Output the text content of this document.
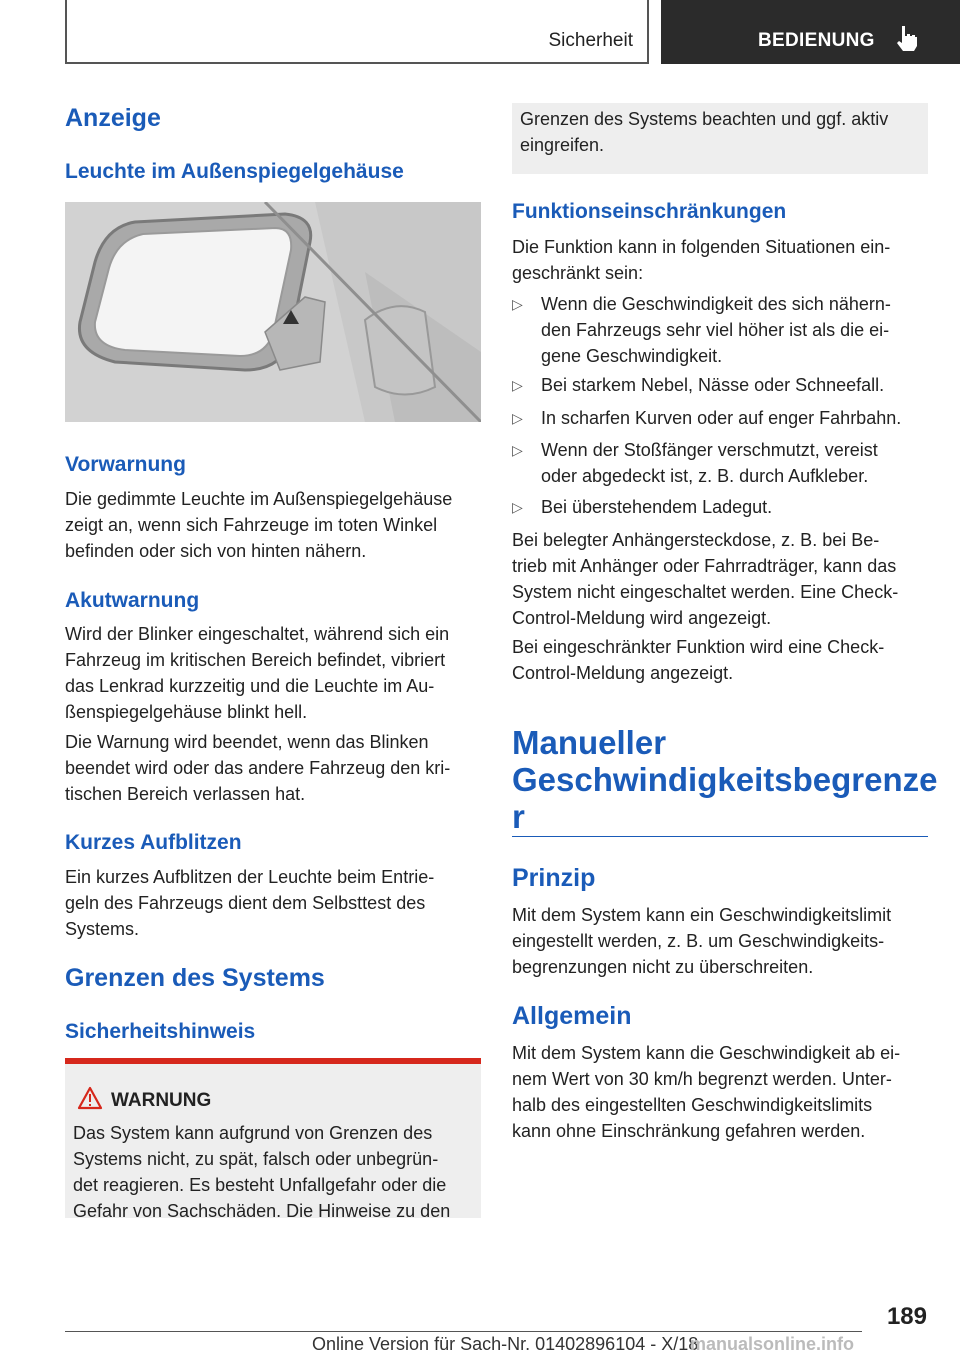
Sicherheit	BEDIENUNG
Anzeige
Leuchte im Außenspiegelgehäuse
Vorwarnung
Die gedimmte Leuchte im Außenspiegelgehäuse
zeigt an, wenn sich Fahrzeuge im toten Winkel
befinden oder sich von hinten nähern.
Akutwarnung
Wird der Blinker eingeschaltet, während sich ein
Fahrzeug im kritischen Bereich befindet, vibriert
das Lenkrad kurzzeitig und die Leuchte im Au‐
ßenspiegelgehäuse blinkt hell.
Die Warnung wird beendet, wenn das Blinken
beendet wird oder das andere Fahrzeug den kri‐
tischen Bereich verlassen hat.
Kurzes Aufblitzen
Ein kurzes Aufblitzen der Leuchte beim Entrie‐
geln des Fahrzeugs dient dem Selbsttest des
Systems.
Grenzen des Systems
Sicherheitshinweis
WARNUNG
Das System kann aufgrund von Grenzen des
Systems nicht, zu spät, falsch oder unbegrün‐
det reagieren. Es besteht Unfallgefahr oder die
Gefahr von Sachschäden. Die Hinweise zu den
Grenzen des Systems beachten und ggf. aktiv
eingreifen.
Funktionseinschränkungen
Die Funktion kann in folgenden Situationen ein‐
geschränkt sein:
▷ Wenn die Geschwindigkeit des sich nähern‐
den Fahrzeugs sehr viel höher ist als die ei‐
gene Geschwindigkeit.
▷ Bei starkem Nebel, Nässe oder Schneefall.
▷ In scharfen Kurven oder auf enger Fahrbahn.
▷ Wenn der Stoßfänger verschmutzt, vereist
oder abgedeckt ist, z. B. durch Aufkleber.
▷ Bei überstehendem Ladegut.
Bei belegter Anhängersteckdose, z. B. bei Be‐
trieb mit Anhänger oder Fahrradträger, kann das
System nicht eingeschaltet werden. Eine Check-
Control-Meldung wird angezeigt.
Bei eingeschränkter Funktion wird eine Check-
Control-Meldung angezeigt.
Manueller
Geschwindigkeitsbegrenze
r
Prinzip
Mit dem System kann ein Geschwindigkeitslimit
eingestellt werden, z. B. um Geschwindigkeits‐
begrenzungen nicht zu überschreiten.
Allgemein
Mit dem System kann die Geschwindigkeit ab ei‐
nem Wert von 30 km/h begrenzt werden. Unter‐
halb des eingestellten Geschwindigkeitslimits
kann ohne Einschränkung gefahren werden.
189
Online Version für Sach-Nr. 01402896104 - X/18
manualsonline.info
